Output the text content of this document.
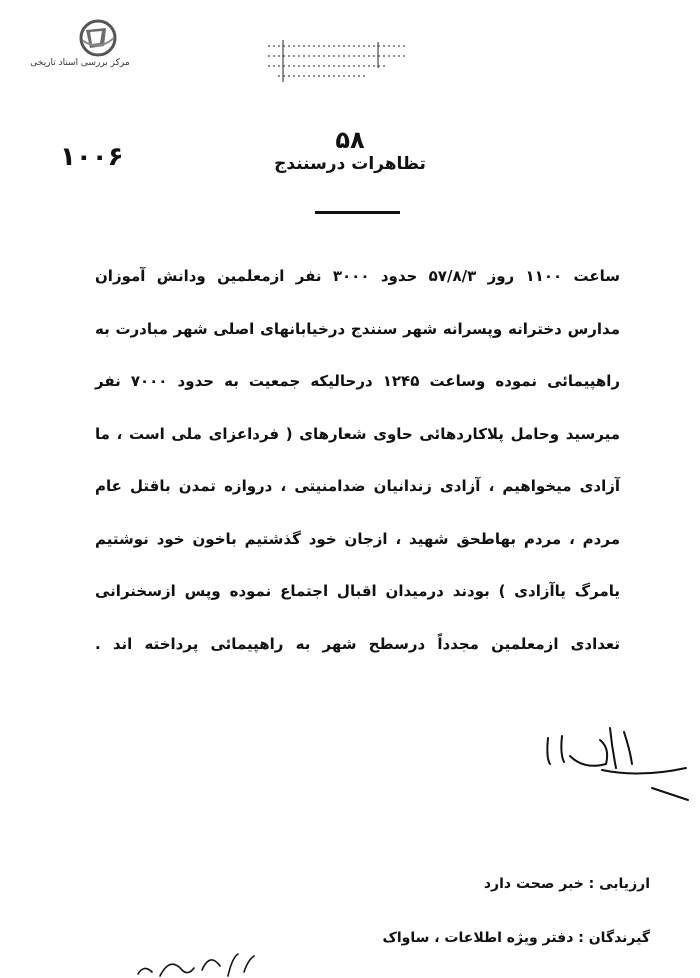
مرکز بررسی اسناد تاریخی
۱۰۰۶
۵۸
تظاهرات درسنندج
ساعت ۱۱۰۰ روز ۵۷/۸/۳ حدود ۳۰۰۰ نفر ازمعلمین ودانش آموزان
مدارس دخترانه وپسرانه شهر سنندج درخیابانهای اصلی شهر مبادرت به
راهپیمائی نموده وساعت ۱۲۴۵ درحالیکه جمعیت به حدود ۷۰۰۰ نفر
میرسید وحامل پلاکاردهائی حاوی شعارهای ( فرداعزای ملی است ، ما
آزادی میخواهیم ، آزادی زندانیان ضدامنیتی ، دروازه تمدن باقتل عام
مردم ، مردم بهاطحق شهید ، ازجان خود گذشتیم باخون خود نوشتیم
یامرگ یاآزادی ) بودند درمیدان اقبال اجتماع نموده وپس ازسخنرانی
تعدادی ازمعلمین مجدداً درسطح شهر به راهپیمائی پرداخته اند .
ارزیابی : خبر صحت دارد
گیرندگان : دفتر ویژه اطلاعات ، ساواک
